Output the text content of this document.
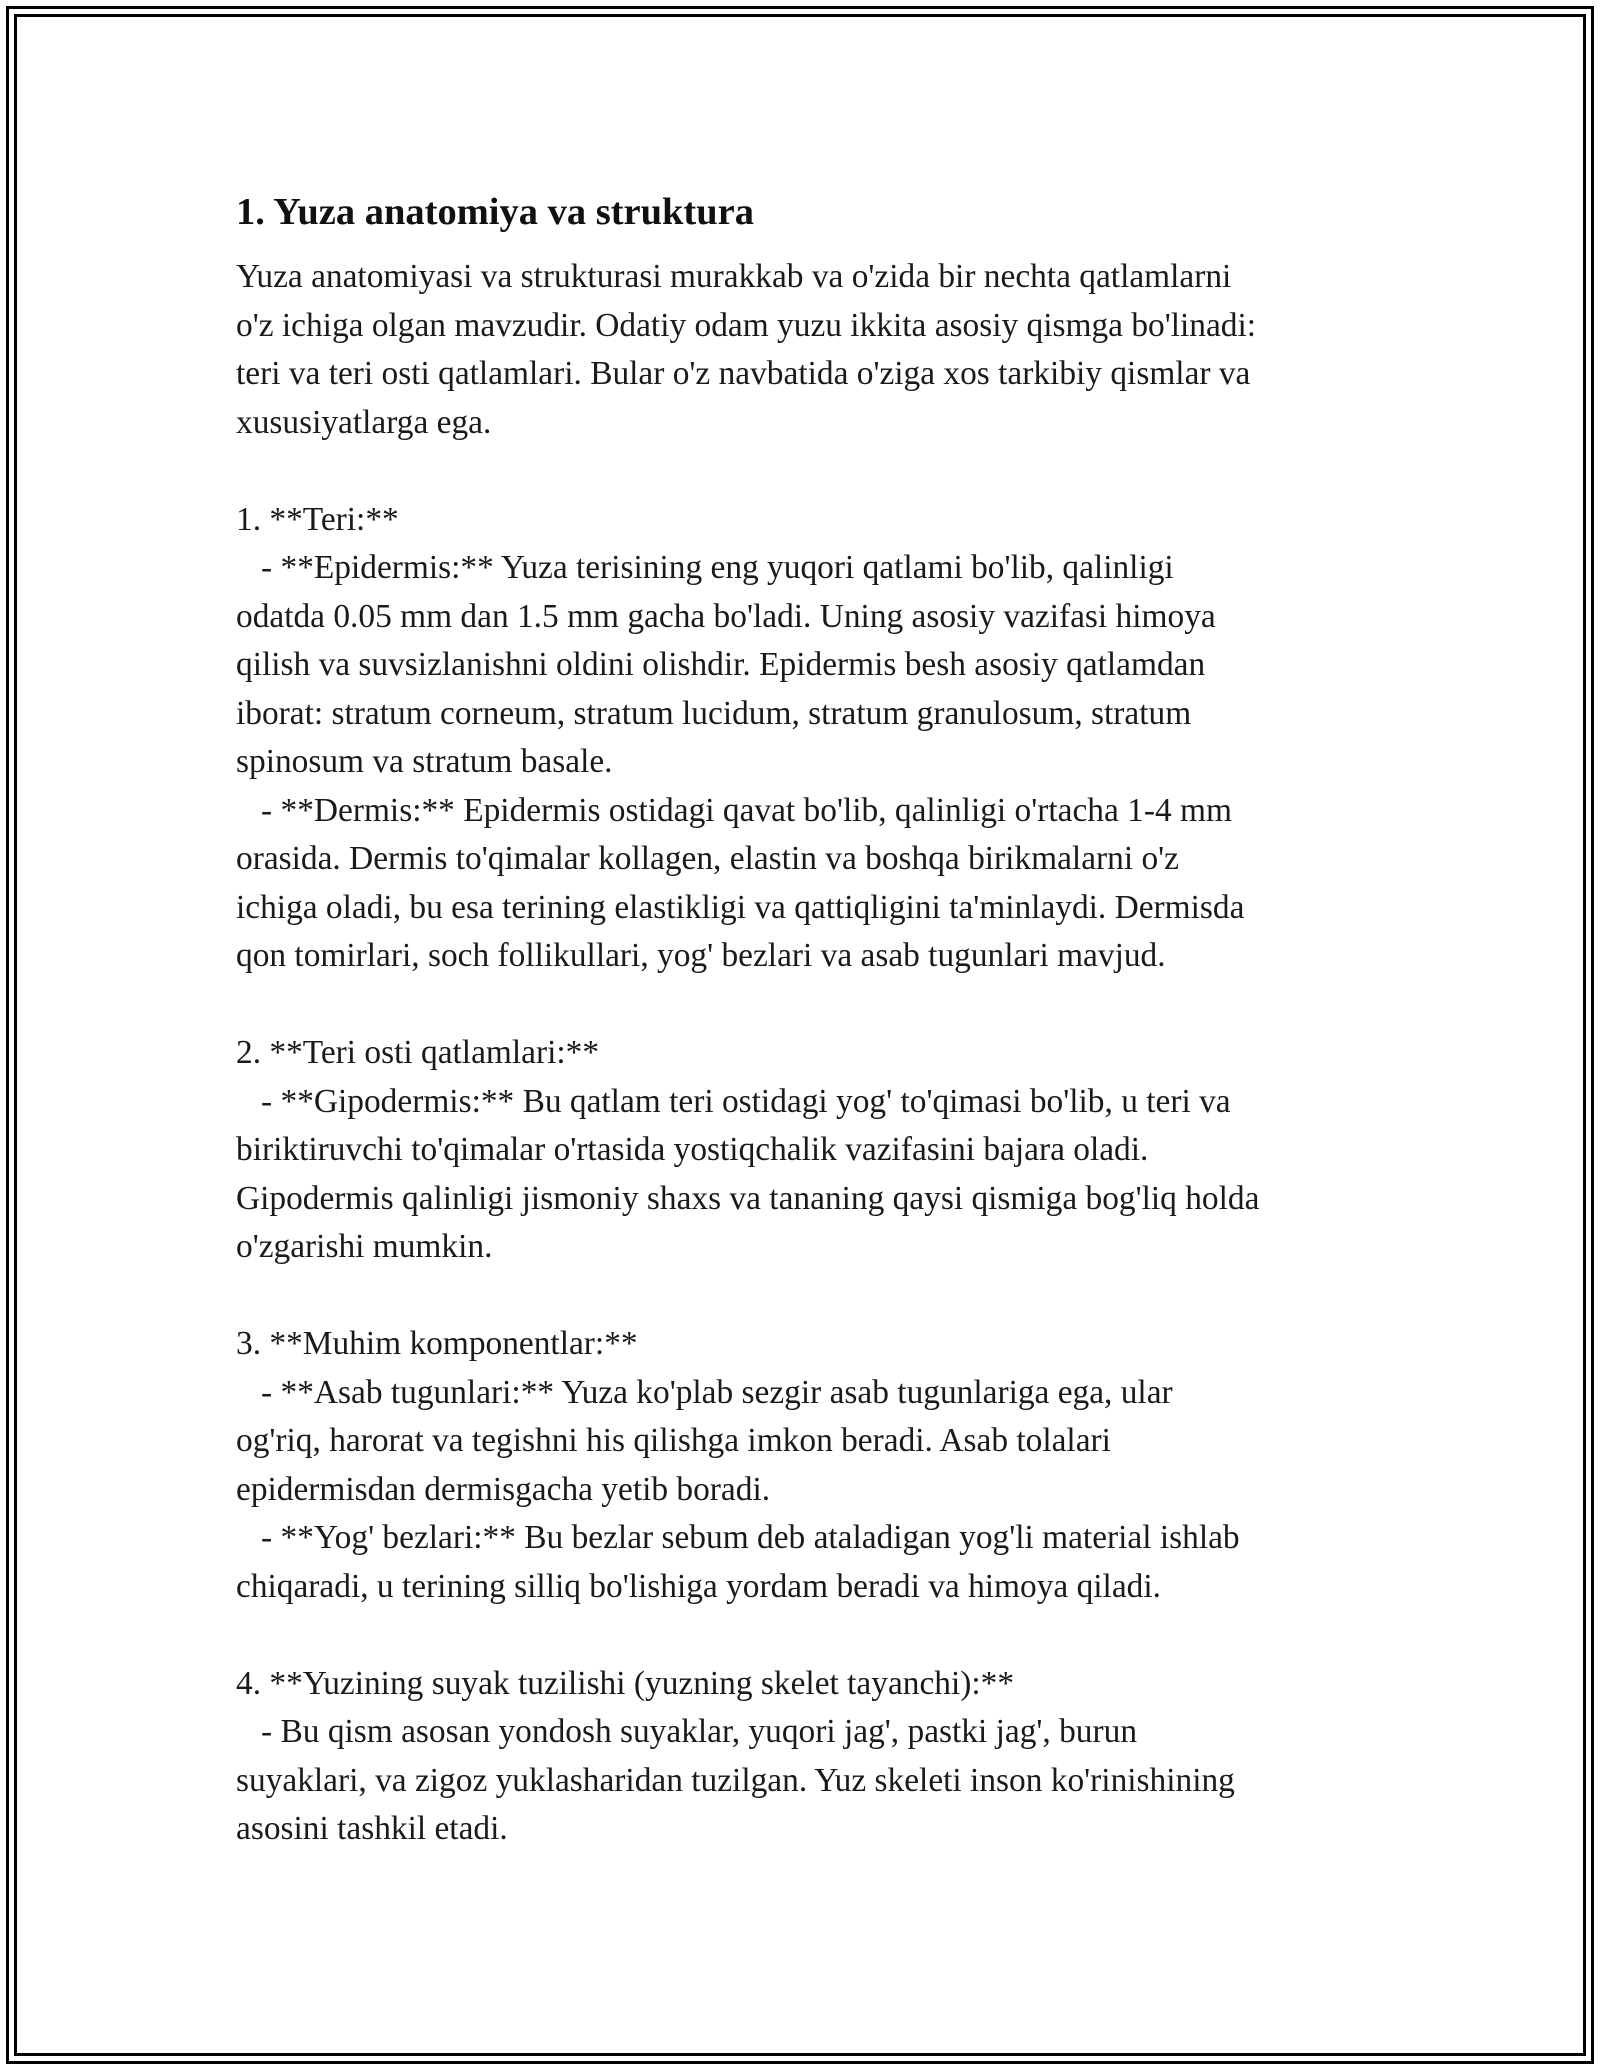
1. Yuza anatomiya va struktura

Yuza anatomiyasi va strukturasi murakkab va o'zida bir nechta qatlamlarni
o'z ichiga olgan mavzudir. Odatiy odam yuzu ikkita asosiy qismga bo'linadi:
teri va teri osti qatlamlari. Bular o'z navbatida o'ziga xos tarkibiy qismlar va
xususiyatlarga ega.

1. **Teri:**
- **Epidermis:** Yuza terisining eng yuqori qatlami bo'lib, qalinligi
odatda 0.05 mm dan 1.5 mm gacha bo'ladi. Uning asosiy vazifasi himoya
qilish va suvsizlanishni oldini olishdir. Epidermis besh asosiy qatlamdan
iborat: stratum corneum, stratum lucidum, stratum granulosum, stratum
spinosum va stratum basale.
- **Dermis:** Epidermis ostidagi qavat bo'lib, qalinligi o'rtacha 1-4 mm
orasida. Dermis to'qimalar kollagen, elastin va boshqa birikmalarni o'z
ichiga oladi, bu esa terining elastikligi va qattiqligini ta'minlaydi. Dermisda
qon tomirlari, soch follikullari, yog' bezlari va asab tugunlari mavjud.

2. **Teri osti qatlamlari:**
- **Gipodermis:** Bu qatlam teri ostidagi yog' to'qimasi bo'lib, u teri va
biriktiruvchi to'qimalar o'rtasida yostiqchalik vazifasini bajara oladi.
Gipodermis qalinligi jismoniy shaxs va tananing qaysi qismiga bog'liq holda
o'zgarishi mumkin.

3. **Muhim komponentlar:**
- **Asab tugunlari:** Yuza ko'plab sezgir asab tugunlariga ega, ular
og'riq, harorat va tegishni his qilishga imkon beradi. Asab tolalari
epidermisdan dermisgacha yetib boradi.
- **Yog' bezlari:** Bu bezlar sebum deb ataladigan yog'li material ishlab
chiqaradi, u terining silliq bo'lishiga yordam beradi va himoya qiladi.

4. **Yuzining suyak tuzilishi (yuzning skelet tayanchi):**
- Bu qism asosan yondosh suyaklar, yuqori jag', pastki jag', burun
suyaklari, va zigoz yuklasharidan tuzilgan. Yuz skeleti inson ko'rinishining
asosini tashkil etadi.
